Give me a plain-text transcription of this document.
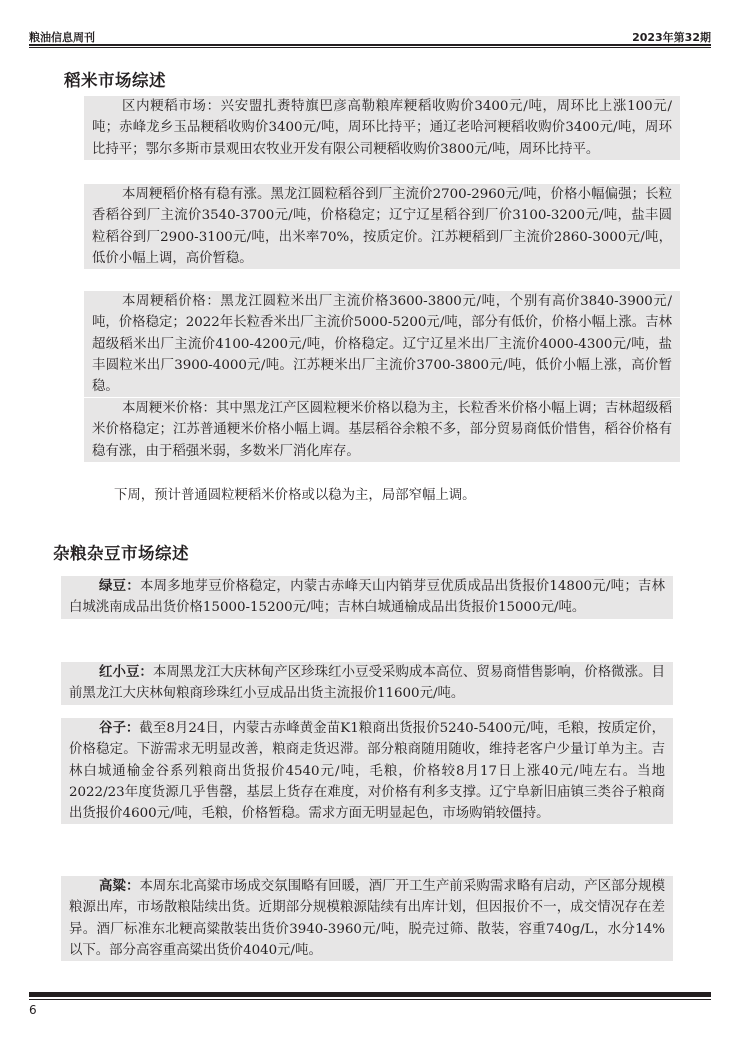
粮油信息周刊	2023年第32期
稻米市场综述
区内粳稻市场：兴安盟扎赉特旗巴彦高勒粮库粳稻收购价3400元/吨，周环比上涨100元/吨；赤峰龙乡玉品粳稻收购价3400元/吨，周环比持平；通辽老哈河粳稻收购价3400元/吨，周环比持平；鄂尔多斯市景观田农牧业开发有限公司粳稻收购价3800元/吨，周环比持平。
本周粳稻价格有稳有涨。黑龙江圆粒稻谷到厂主流价2700-2960元/吨，价格小幅偏强；长粒香稻谷到厂主流价3540-3700元/吨，价格稳定；辽宁辽星稻谷到厂价3100-3200元/吨，盐丰圆粒稻谷到厂2900-3100元/吨，出米率70%，按质定价。江苏粳稻到厂主流价2860-3000元/吨，低价小幅上调，高价暂稳。
本周粳稻价格：黑龙江圆粒米出厂主流价格3600-3800元/吨，个别有高价3840-3900元/吨，价格稳定；2022年长粒香米出厂主流价5000-5200元/吨，部分有低价，价格小幅上涨。吉林超级稻米出厂主流价4100-4200元/吨，价格稳定。辽宁辽星米出厂主流价4000-4300元/吨，盐丰圆粒米出厂3900-4000元/吨。江苏粳米出厂主流价3700-3800元/吨，低价小幅上涨，高价暂稳。
本周粳米价格：其中黑龙江产区圆粒粳米价格以稳为主，长粒香米价格小幅上调；吉林超级稻米价格稳定；江苏普通粳米价格小幅上调。基层稻谷余粮不多，部分贸易商低价惜售，稻谷价格有稳有涨，由于稻强米弱，多数米厂消化库存。
下周，预计普通圆粒粳稻米价格或以稳为主，局部窄幅上调。
杂粮杂豆市场综述
绿豆：本周多地芽豆价格稳定，内蒙古赤峰天山内销芽豆优质成品出货报价14800元/吨；吉林白城洮南成品出货价格15000-15200元/吨；吉林白城通榆成品出货报价15000元/吨。
红小豆：本周黑龙江大庆林甸产区珍珠红小豆受采购成本高位、贸易商惜售影响，价格微涨。目前黑龙江大庆林甸粮商珍珠红小豆成品出货主流报价11600元/吨。
谷子：截至8月24日，内蒙古赤峰黄金苗K1粮商出货报价5240-5400元/吨，毛粮，按质定价，价格稳定。下游需求无明显改善，粮商走货迟滞。部分粮商随用随收，维持老客户少量订单为主。吉林白城通榆金谷系列粮商出货报价4540元/吨，毛粮，价格较8月17日上涨40元/吨左右。当地2022/23年度货源几乎售罄，基层上货存在难度，对价格有利多支撑。辽宁阜新旧庙镇三类谷子粮商出货报价4600元/吨，毛粮，价格暂稳。需求方面无明显起色，市场购销较僵持。
高粱：本周东北高粱市场成交氛围略有回暖，酒厂开工生产前采购需求略有启动，产区部分规模粮源出库，市场散粮陆续出货。近期部分规模粮源陆续有出库计划，但因报价不一，成交情况存在差异。酒厂标准东北粳高粱散装出货价3940-3960元/吨，脱壳过筛、散装，容重740g/L，水分14%以下。部分高容重高粱出货价4040元/吨。
6
